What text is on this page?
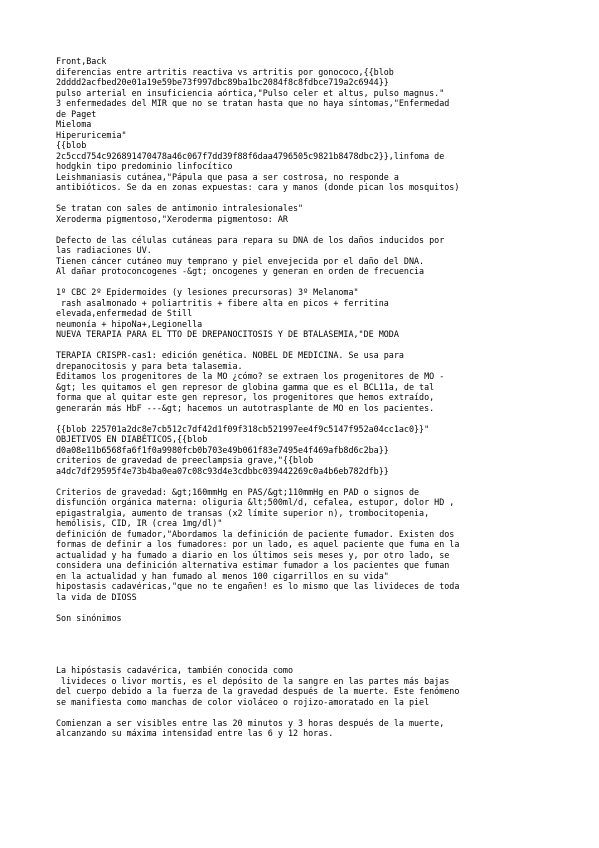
Front,Back
diferencias entre artritis reactiva vs artritis por gonococo,{{blob
2dddd2acfbed20e01a19e59be73f997dbc89ba1bc2084f8c8fdbce719a2c6944}}
pulso arterial en insuficiencia aórtica,"Pulso celer et altus, pulso magnus."
3 enfermedades del MIR que no se tratan hasta que no haya síntomas,"Enfermedad
de Paget
Mieloma
Hiperuricemia"
{{blob
2c5ccd754c926891470478a46c067f7dd39f88f6daa4796505c9821b8478dbc2}},linfoma de
hodgkin tipo predominio linfocítico
Leishmaniasis cutánea,"Pápula que pasa a ser costrosa, no responde a
antibióticos. Se da en zonas expuestas: cara y manos (donde pican los mosquitos)
Se tratan con sales de antimonio intralesionales"
Xeroderma pigmentoso,"Xeroderma pigmentoso: AR
Defecto de las células cutáneas para repara su DNA de los daños inducidos por
las radiaciones UV.
Tienen cáncer cutáneo muy temprano y piel envejecida por el daño del DNA.
Al dañar protoconcogenes -&gt; oncogenes y generan en orden de frecuencia
1º CBC 2º Epidermoides (y lesiones precursoras) 3º Melanoma"
rash asalmonado + poliartritis + fibere alta en picos + ferritina
elevada,enfermedad de Still
neumonía + hipoNa+,Legionella
NUEVA TERAPIA PARA EL TTO DE DREPANOCITOSIS Y DE BTALASEMIA,"DE MODA
TERAPIA CRISPR-cas1: edición genética. NOBEL DE MEDICINA. Se usa para
drepanocitosis y para beta talasemia.
Editamos los progenitores de la MO ¿cómo? se extraen los progenitores de MO -
&gt; les quitamos el gen represor de globina gamma que es el BCL11a, de tal
forma que al quitar este gen represor, los progenitores que hemos extraído,
generarán más HbF ---&gt; hacemos un autotrasplante de MO en los pacientes.
{{blob 225701a2dc8e7cb512c7df42d1f09f318cb521997ee4f9c5147f952a04cc1ac0}}"
OBJETIVOS EN DIABÉTICOS,{{blob
d0a08e11b6568fa6f1f0a9980fcb0b703e49b061f83e7495e4f469afb8d6c2ba}}
criterios de gravedad de preeclampsia grave,"{{blob
a4dc7df29595f4e73b4ba0ea07c08c93d4e3cdbbc039442269c0a4b6eb782dfb}}
Criterios de gravedad: &gt;160mmHg en PAS/&gt;110mmHg en PAD o signos de
disfunción orgánica materna: oliguria &lt;500ml/d, cefalea, estupor, dolor HD ,
epigastralgia, aumento de transas (x2 límite superior n), trombocitopenia,
hemólisis, CID, IR (crea 1mg/dl)"
definición de fumador,"Abordamos la definición de paciente fumador. Existen dos
formas de definir a los fumadores: por un lado, es aquel paciente que fuma en la
actualidad y ha fumado a diario en los últimos seis meses y, por otro lado, se
considera una definición alternativa estimar fumador a los pacientes que fuman
en la actualidad y han fumado al menos 100 cigarrillos en su vida"
hipostasis cadavéricas,"que no te engañen! es lo mismo que las livideces de toda
la vida de DIOSS
Son sinónimos
La hipóstasis cadavérica, también conocida como
livideces o livor mortis, es el depósito de la sangre en las partes más bajas
del cuerpo debido a la fuerza de la gravedad después de la muerte. Este fenómeno
se manifiesta como manchas de color violáceo o rojizo-amoratado en la piel
Comienzan a ser visibles entre las 20 minutos y 3 horas después de la muerte,
alcanzando su máxima intensidad entre las 6 y 12 horas.
